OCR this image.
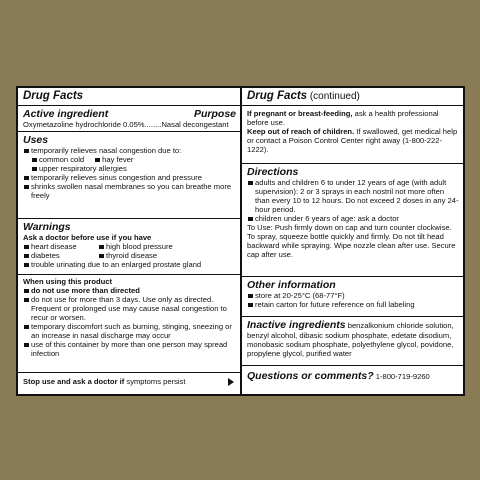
Drug Facts
Active ingredient	Purpose
Oxymetazoline hydrochloride 0.05%........Nasal decongestant
Uses
temporarily relieves nasal congestion due to:
common cold	hay fever
upper respiratory allergies
temporarily relieves sinus congestion and pressure
shrinks swollen nasal membranes so you can breathe more freely
Warnings
Ask a doctor before use if you have
heart disease	high blood pressure
diabetes	thyroid disease
trouble urinating due to an enlarged prostate gland
When using this product
do not use more than directed
do not use for more than 3 days. Use only as directed. Frequent or prolonged use may cause nasal congestion to recur or worsen.
temporary discomfort such as burning, stinging, sneezing or an increase in nasal discharge may occur
use of this container by more than one person may spread infection
Stop use and ask a doctor if symptoms persist
Drug Facts (continued)
If pregnant or breast-feeding, ask a health professional before use.
Keep out of reach of children. If swallowed, get medical help or contact a Poison Control Center right away (1-800-222-1222).
Directions
adults and children 6 to under 12 years of age (with adult supervision): 2 or 3 sprays in each nostril not more often than every 10 to 12 hours. Do not exceed 2 doses in any 24-hour period.
children under 6 years of age: ask a doctor
To Use: Push firmly down on cap and turn counter clockwise. To spray, squeeze bottle quickly and firmly. Do not tilt head backward while spraying. Wipe nozzle clean after use. Secure cap after use.
Other information
store at 20-25°C (68-77°F)
retain carton for future reference on full labeling
Inactive ingredients benzalkonium chloride solution, benzyl alcohol, dibasic sodium phosphate, edetate disodium, monobasic sodium phosphate, polyethylene glycol, povidone, propylene glycol, purified water
Questions or comments? 1-800-719-9260
